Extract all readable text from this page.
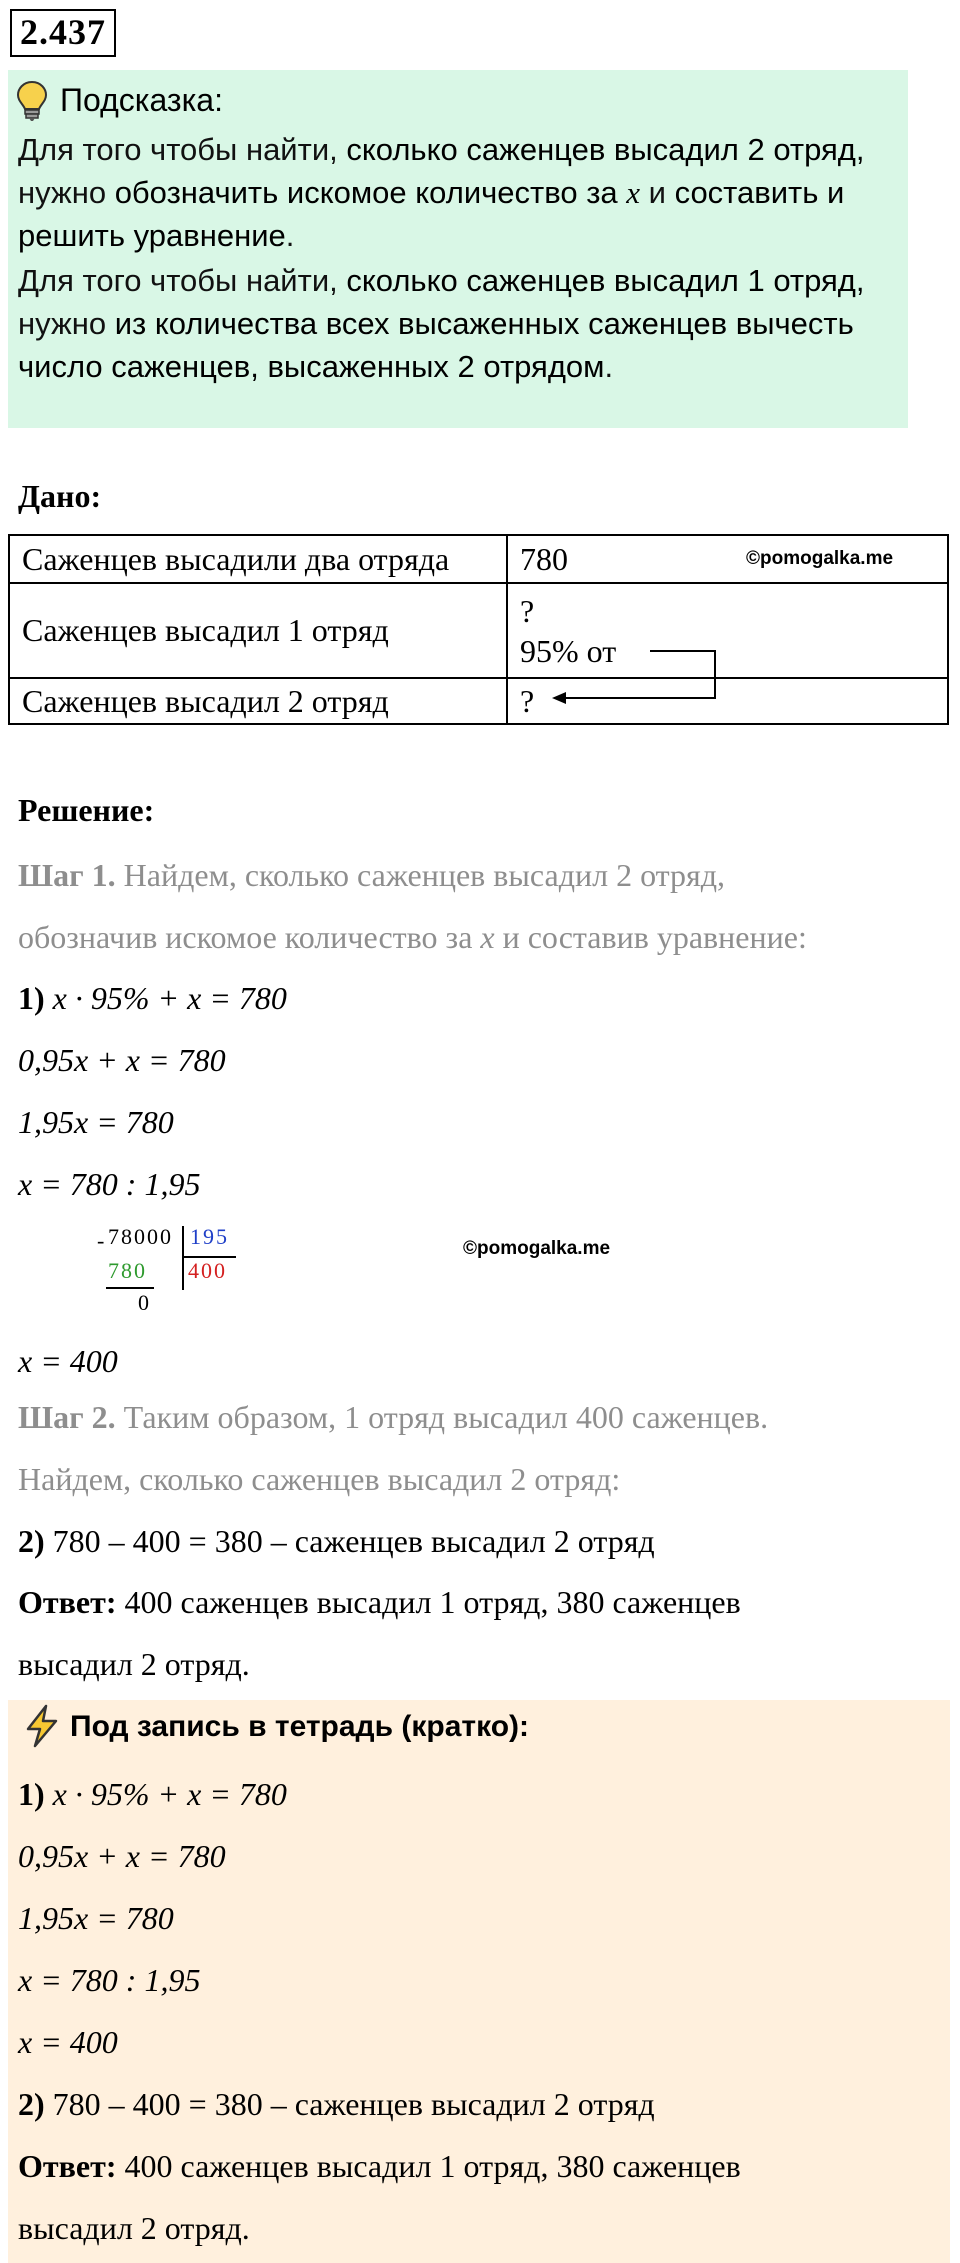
2.437
Подсказка:
Для того чтобы найти, сколько саженцев высадил 2 отряд,
нужно обозначить искомое количество за x и составить и
решить уравнение.
Для того чтобы найти, сколько саженцев высадил 1 отряд,
нужно из количества всех высаженных саженцев вычесть
число саженцев, высаженных 2 отрядом.
Дано:
Саженцев высадили два отряда	780 ©pomogalka.me

Саженцев высадил 1 отряд	?
95% от

Саженцев высадил 2 отряд	?
Решение:
Шаг 1. Найдем, сколько саженцев высадил 2 отряд,
обозначив искомое количество за x и составив уравнение:
1) x · 95% + x = 780
0,95x + x = 780
1,95x = 780
x = 780 : 1,95
- 78000 195
780 400
0
©pomogalka.me
x = 400
Шаг 2. Таким образом, 1 отряд высадил 400 саженцев.
Найдем, сколько саженцев высадил 2 отряд:
2) 780 – 400 = 380 – саженцев высадил 2 отряд
Ответ: 400 саженцев высадил 1 отряд, 380 саженцев
высадил 2 отряд.
Под запись в тетрадь (кратко):
1) x · 95% + x = 780
0,95x + x = 780
1,95x = 780
x = 780 : 1,95
x = 400
2) 780 – 400 = 380 – саженцев высадил 2 отряд
Ответ: 400 саженцев высадил 1 отряд, 380 саженцев
высадил 2 отряд.
